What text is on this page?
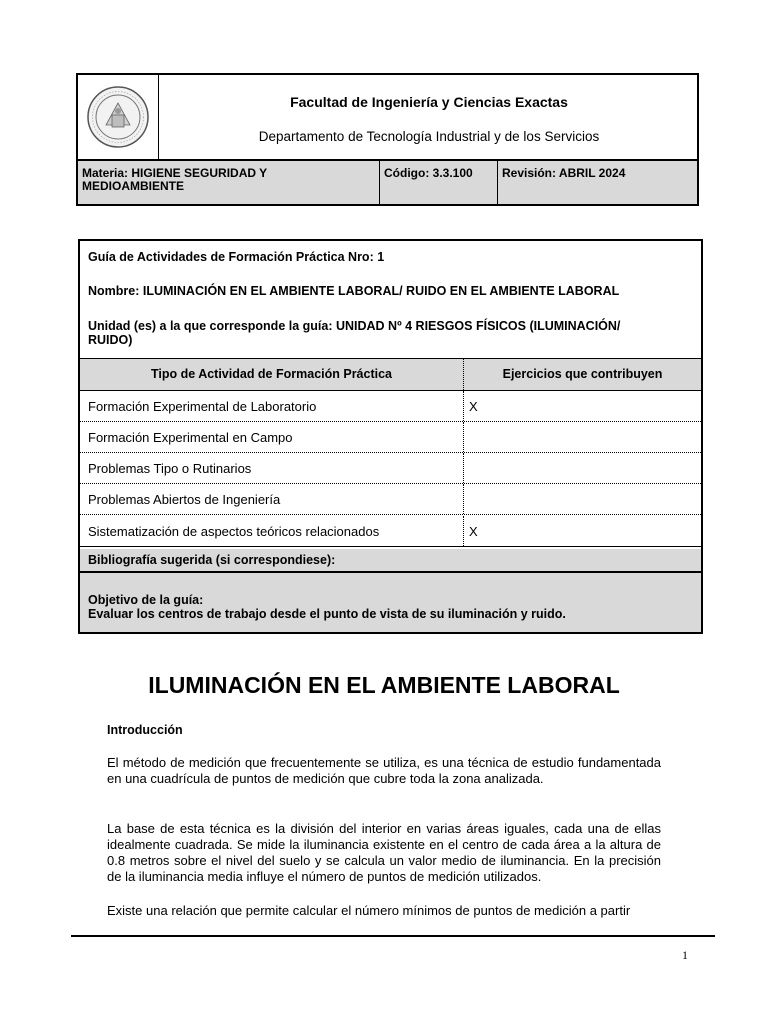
Facultad de Ingeniería y Ciencias Exactas
Departamento de Tecnología Industrial y de los Servicios
Materia: HIGIENE SEGURIDAD Y
MEDIOAMBIENTE
Código: 3.3.100	Revisión: ABRIL 2024
Guía de Actividades de Formación Práctica Nro: 1
Nombre: ILUMINACIÓN EN EL AMBIENTE LABORAL/ RUIDO EN EL AMBIENTE LABORAL
Unidad (es) a la que corresponde la guía: UNIDAD Nº 4 RIESGOS FÍSICOS (ILUMINACIÓN/
RUIDO)
Tipo de Actividad de Formación Práctica	Ejercicios que contribuyen
Formación Experimental de Laboratorio	X
Formación Experimental en Campo
Problemas Tipo o Rutinarios
Problemas Abiertos de Ingeniería
Sistematización de aspectos teóricos relacionados	X
Bibliografía sugerida (si correspondiese):
Objetivo de la guía:
Evaluar los centros de trabajo desde el punto de vista de su iluminación y ruido.
ILUMINACIÓN EN EL AMBIENTE LABORAL
Introducción
El método de medición que frecuentemente se utiliza, es una técnica de estudio fundamentada en una cuadrícula de puntos de medición que cubre toda la zona analizada.
La base de esta técnica es la división del interior en varias áreas iguales, cada una de ellas idealmente cuadrada. Se mide la iluminancia existente en el centro de cada área a la altura de 0.8 metros sobre el nivel del suelo y se calcula un valor medio de iluminancia. En la precisión de la iluminancia media influye el número de puntos de medición utilizados.
Existe una relación que permite calcular el número mínimos de puntos de medición a partir
1
